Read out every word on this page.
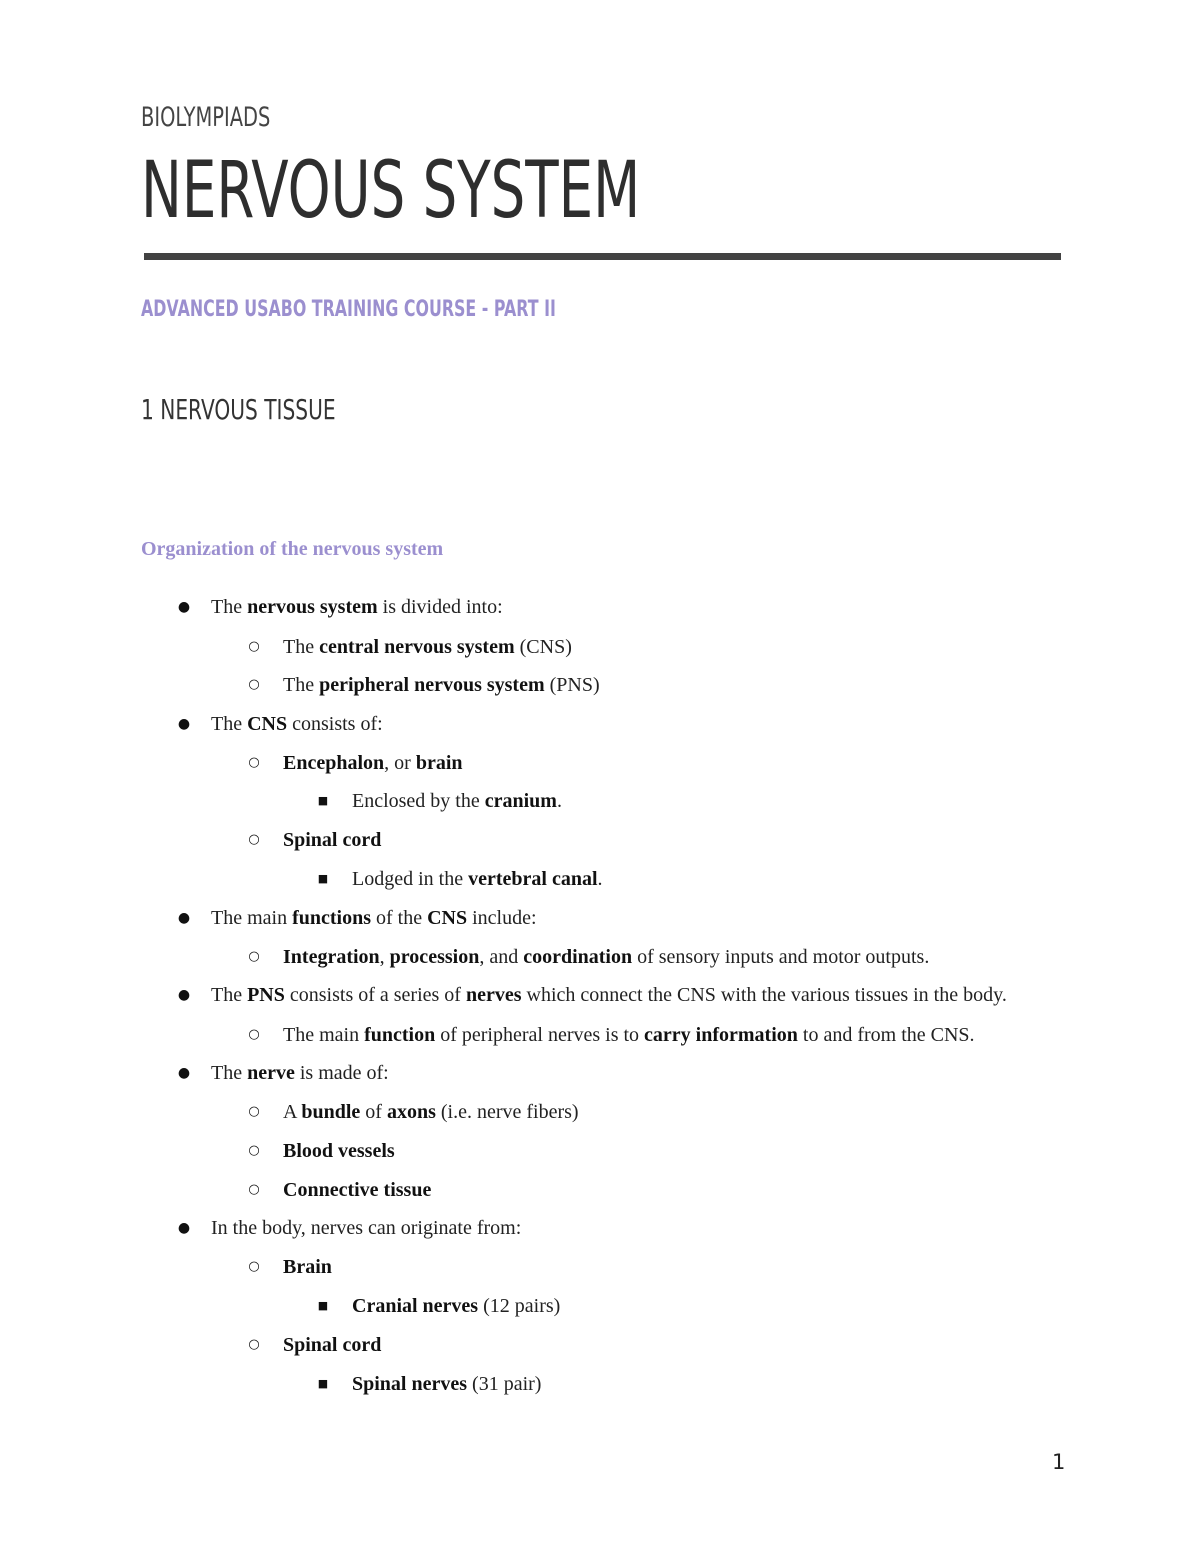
BIOLYMPIADS
NERVOUS SYSTEM
ADVANCED USABO TRAINING COURSE - PART II
1 NERVOUS TISSUE
Organization of the nervous system
● The nervous system is divided into:
○ The central nervous system (CNS)
○ The peripheral nervous system (PNS)
● The CNS consists of:
○ Encephalon, or brain
■ Enclosed by the cranium.
○ Spinal cord
■ Lodged in the vertebral canal.
● The main functions of the CNS include:
○ Integration, procession, and coordination of sensory inputs and motor outputs.
● The PNS consists of a series of nerves which connect the CNS with the various tissues in the body.
○ The main function of peripheral nerves is to carry information to and from the CNS.
● The nerve is made of:
○ A bundle of axons (i.e. nerve fibers)
○ Blood vessels
○ Connective tissue
● In the body, nerves can originate from:
○ Brain
■ Cranial nerves (12 pairs)
○ Spinal cord
■ Spinal nerves (31 pair)
1
